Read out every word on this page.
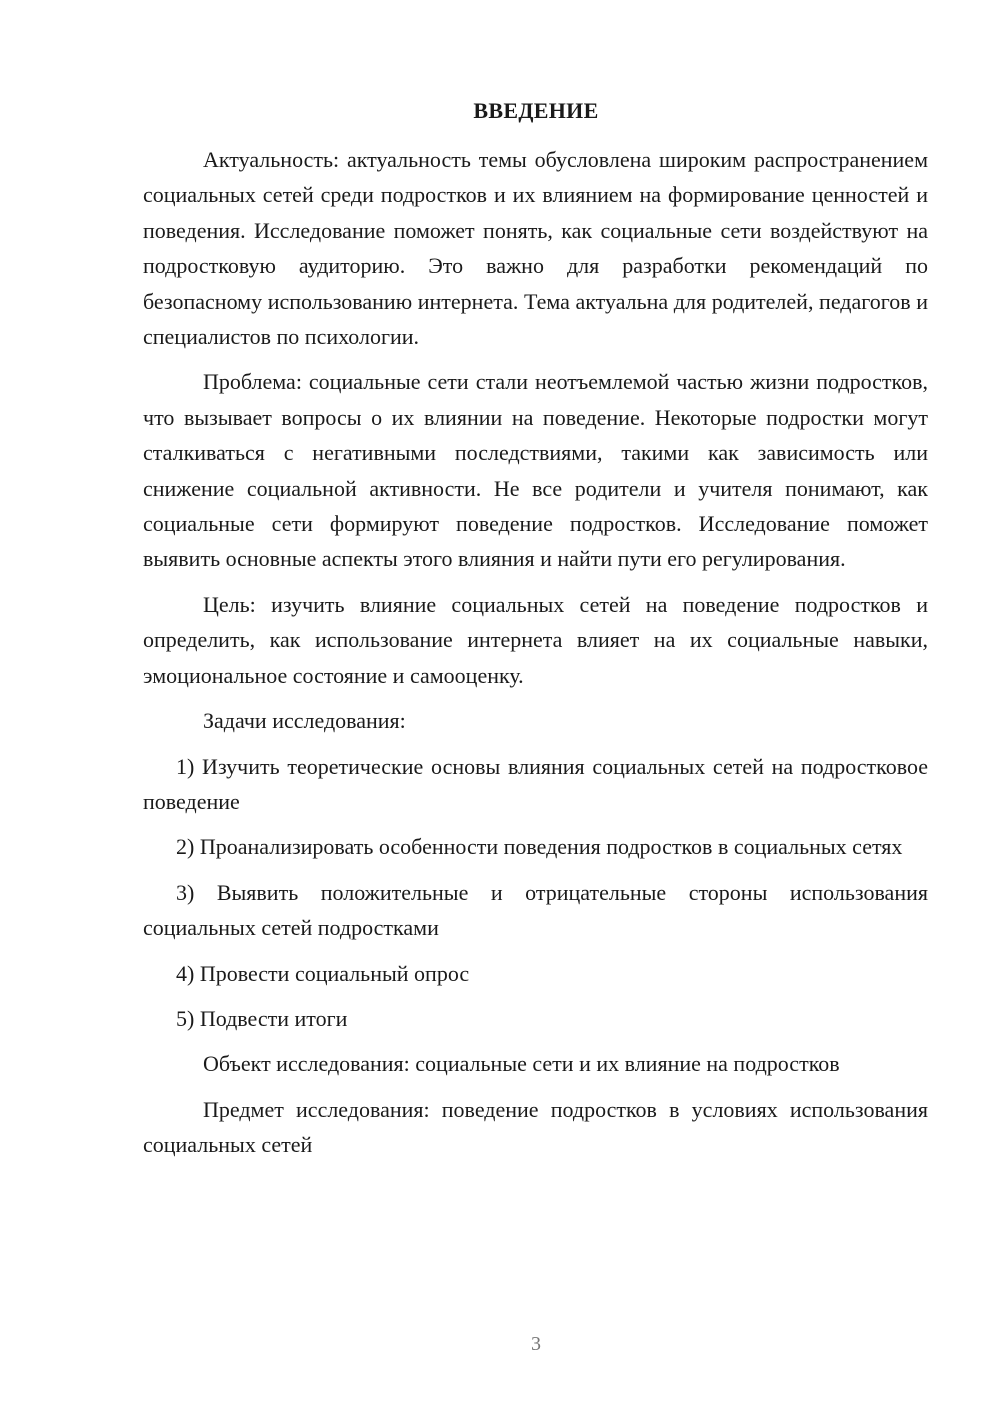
ВВЕДЕНИЕ

Актуальность: актуальность темы обусловлена широким распространением социальных сетей среди подростков и их влиянием на формирование ценностей и поведения. Исследование поможет понять, как социальные сети воздействуют на подростковую аудиторию. Это важно для разработки рекомендаций по безопасному использованию интернета. Тема актуальна для родителей, педагогов и специалистов по психологии.

Проблема: социальные сети стали неотъемлемой частью жизни подростков, что вызывает вопросы о их влиянии на поведение. Некоторые подростки могут сталкиваться с негативными последствиями, такими как зависимость или снижение социальной активности. Не все родители и учителя понимают, как социальные сети формируют поведение подростков. Исследование поможет выявить основные аспекты этого влияния и найти пути его регулирования.

Цель: изучить влияние социальных сетей на поведение подростков и определить, как использование интернета влияет на их социальные навыки, эмоциональное состояние и самооценку.

Задачи исследования:

1) Изучить теоретические основы влияния социальных сетей на подростковое поведение

2) Проанализировать особенности поведения подростков в социальных сетях

3) Выявить положительные и отрицательные стороны использования социальных сетей подростками

4) Провести социальный опрос

5) Подвести итоги

Объект исследования: социальные сети и их влияние на подростков

Предмет исследования: поведение подростков в условиях использования социальных сетей

3
